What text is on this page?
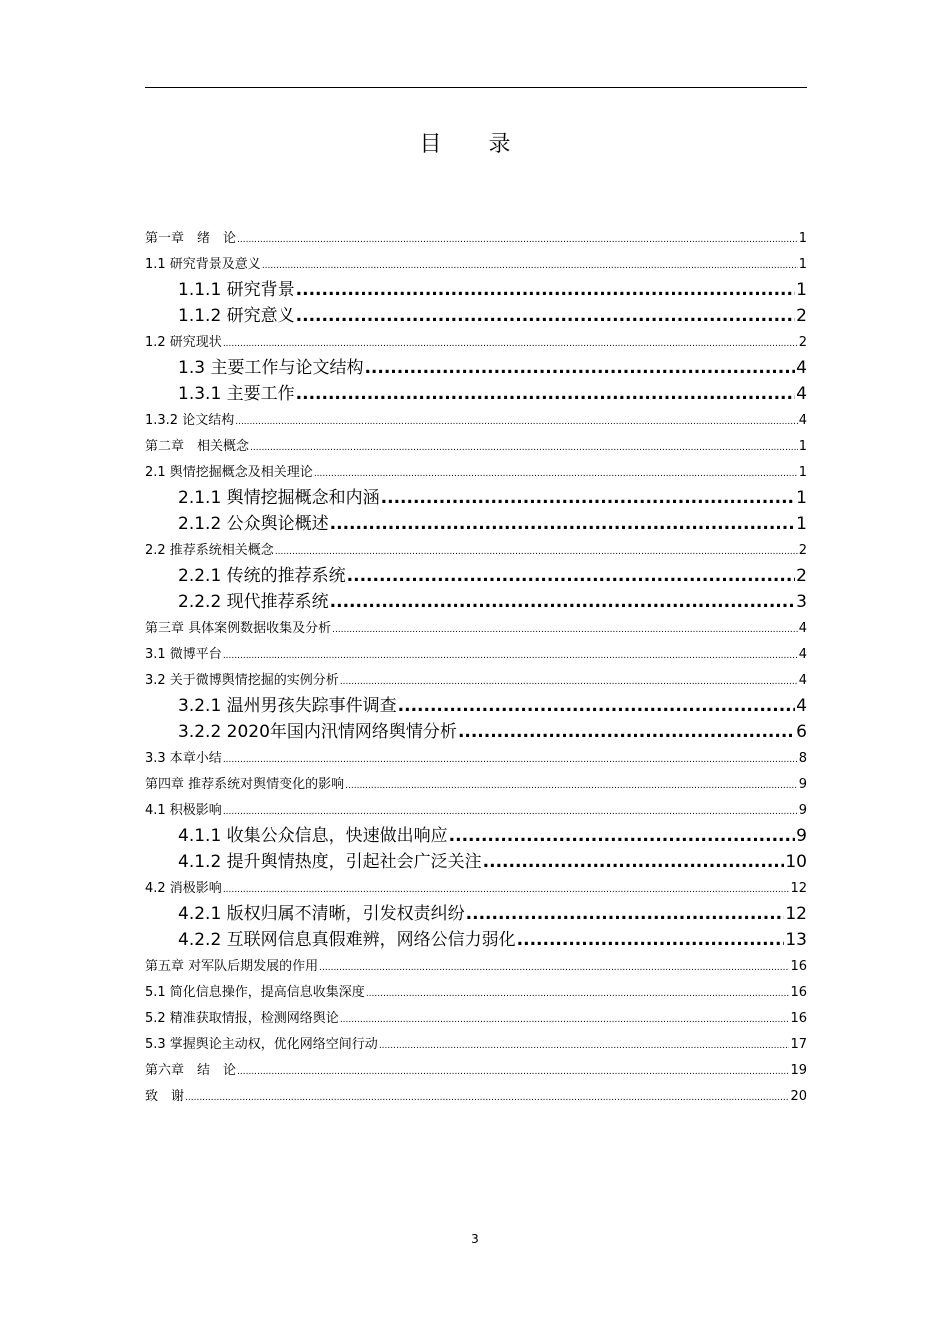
目 录
第一章　绪　论 .....	1
1.1 研究背景及意义 .....	1
1.1.1 研究背景 .....	1
1.1.2 研究意义 .....	2
1.2 研究现状 .....	2
1.3 主要工作与论文结构 .....	4
1.3.1 主要工作 .....	4
1.3.2 论文结构 .....	4
第二章　相关概念 .....	1
2.1 舆情挖掘概念及相关理论 .....	1
2.1.1 舆情挖掘概念和内涵 .....	1
2.1.2 公众舆论概述 .....	1
2.2 推荐系统相关概念 .....	2
2.2.1 传统的推荐系统 .....	2
2.2.2 现代推荐系统 .....	3
第三章 具体案例数据收集及分析 .....	4
3.1 微博平台 .....	4
3.2 关于微博舆情挖掘的实例分析 .....	4
3.2.1 温州男孩失踪事件调查 .....	4
3.2.2 2020年国内汛情网络舆情分析 .....	6
3.3 本章小结 .....	8
第四章 推荐系统对舆情变化的影响 .....	9
4.1 积极影响 .....	9
4.1.1 收集公众信息，快速做出响应 .....	9
4.1.2 提升舆情热度，引起社会广泛关注 .....	10
4.2 消极影响 .....	12
4.2.1 版权归属不清晰，引发权责纠纷 .....	12
4.2.2 互联网信息真假难辨，网络公信力弱化 .....	13
第五章 对军队后期发展的作用 .....	16
5.1 简化信息操作，提高信息收集深度 .....	16
5.2 精准获取情报，检测网络舆论 .....	16
5.3 掌握舆论主动权，优化网络空间行动 .....	17
第六章　结　论 .....	19
致　谢 .....	20
3
